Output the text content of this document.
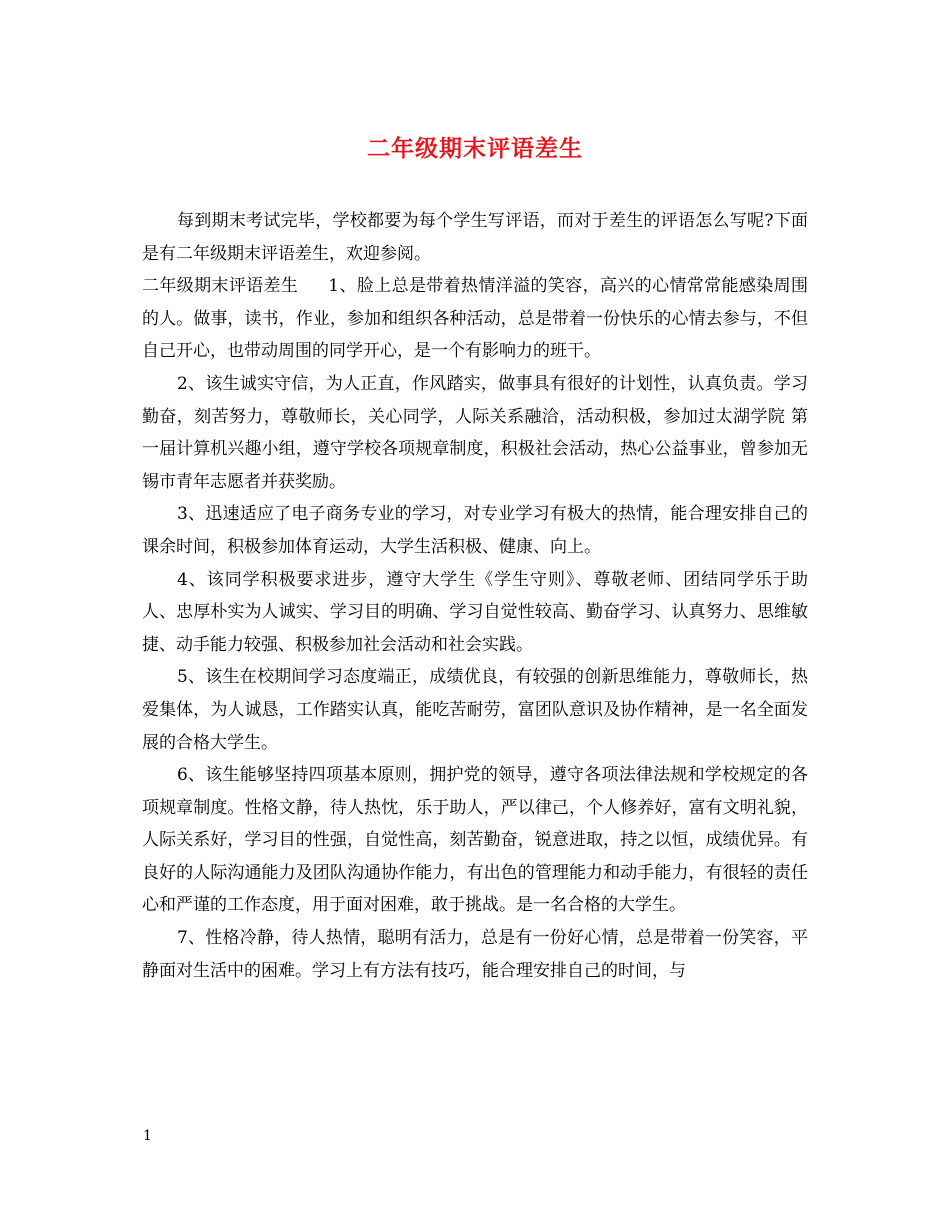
二年级期末评语差生

每到期末考试完毕，学校都要为每个学生写评语，而对于差生的评语怎么写呢?下面是有二年级期末评语差生，欢迎参阅。

二年级期末评语差生 1、脸上总是带着热情洋溢的笑容，高兴的心情常常能感染周围的人。做事，读书，作业，参加和组织各种活动，总是带着一份快乐的心情去参与，不但自己开心，也带动周围的同学开心，是一个有影响力的班干。

2、该生诚实守信，为人正直，作风踏实，做事具有很好的计划性，认真负责。学习勤奋，刻苦努力，尊敬师长，关心同学，人际关系融洽，活动积极，参加过太湖学院 第一届计算机兴趣小组，遵守学校各项规章制度，积极社会活动，热心公益事业，曾参加无锡市青年志愿者并获奖励。

3、迅速适应了电子商务专业的学习，对专业学习有极大的热情，能合理安排自己的课余时间，积极参加体育运动，大学生活积极、健康、向上。

4、该同学积极要求进步，遵守大学生《学生守则》、尊敬老师、团结同学乐于助人、忠厚朴实为人诚实、学习目的明确、学习自觉性较高、勤奋学习、认真努力、思维敏捷、动手能力较强、积极参加社会活动和社会实践。

5、该生在校期间学习态度端正，成绩优良，有较强的创新思维能力，尊敬师长，热爱集体，为人诚恳，工作踏实认真，能吃苦耐劳，富团队意识及协作精神，是一名全面发展的合格大学生。

6、该生能够坚持四项基本原则，拥护党的领导，遵守各项法律法规和学校规定的各项规章制度。性格文静，待人热忱，乐于助人，严以律己，个人修养好，富有文明礼貌，人际关系好，学习目的性强，自觉性高，刻苦勤奋，锐意进取，持之以恒，成绩优异。有良好的人际沟通能力及团队沟通协作能力，有出色的管理能力和动手能力，有很轻的责任心和严谨的工作态度，用于面对困难，敢于挑战。是一名合格的大学生。

7、性格冷静，待人热情，聪明有活力，总是有一份好心情，总是带着一份笑容，平静面对生活中的困难。学习上有方法有技巧，能合理安排自己的时间，与

1
